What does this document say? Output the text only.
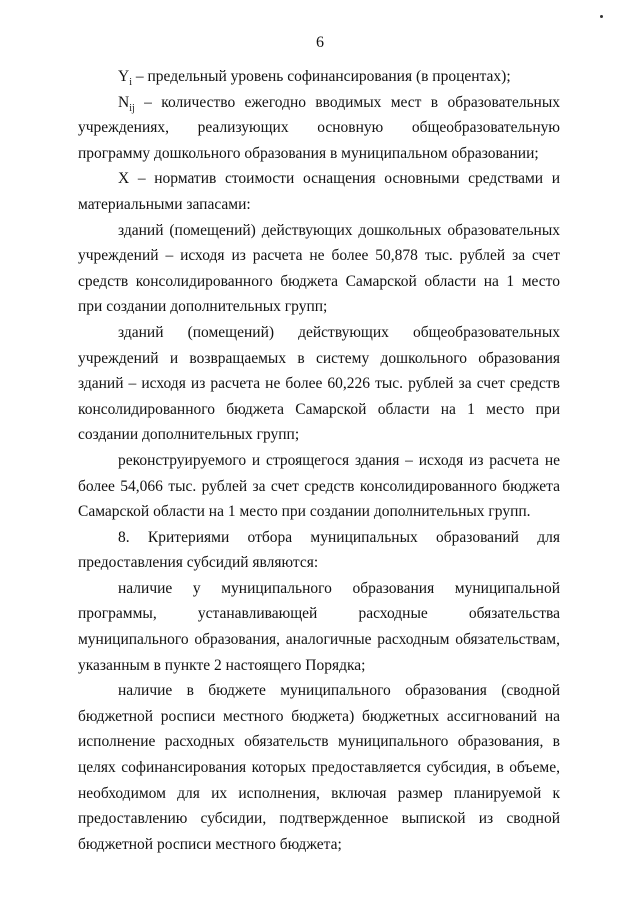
6

$Y_i$ – предельный уровень софинансирования (в процентах);

$N_{ij}$ – количество ежегодно вводимых мест в образовательных учреждениях, реализующих основную общеобразовательную программу дошкольного образования в муниципальном образовании;

X – норматив стоимости оснащения основными средствами и материальными запасами:

зданий (помещений) действующих дошкольных образовательных учреждений – исходя из расчета не более 50,878 тыс. рублей за счет средств консолидированного бюджета Самарской области на 1 место при создании дополнительных групп;

зданий (помещений) действующих общеобразовательных учреждений и возвращаемых в систему дошкольного образования зданий – исходя из расчета не более 60,226 тыс. рублей за счет средств консолидированного бюджета Самарской области на 1 место при создании дополнительных групп;

реконструируемого и строящегося здания – исходя из расчета не более 54,066 тыс. рублей за счет средств консолидированного бюджета Самарской области на 1 место при создании дополнительных групп.

8. Критериями отбора муниципальных образований для предоставления субсидий являются:

наличие у муниципального образования муниципальной программы, устанавливающей расходные обязательства муниципального образования, аналогичные расходным обязательствам, указанным в пункте 2 настоящего Порядка;

наличие в бюджете муниципального образования (сводной бюджетной росписи местного бюджета) бюджетных ассигнований на исполнение расходных обязательств муниципального образования, в целях софинансирования которых предоставляется субсидия, в объеме, необходимом для их исполнения, включая размер планируемой к предоставлению субсидии, подтвержденное выпиской из сводной бюджетной росписи местного бюджета;
